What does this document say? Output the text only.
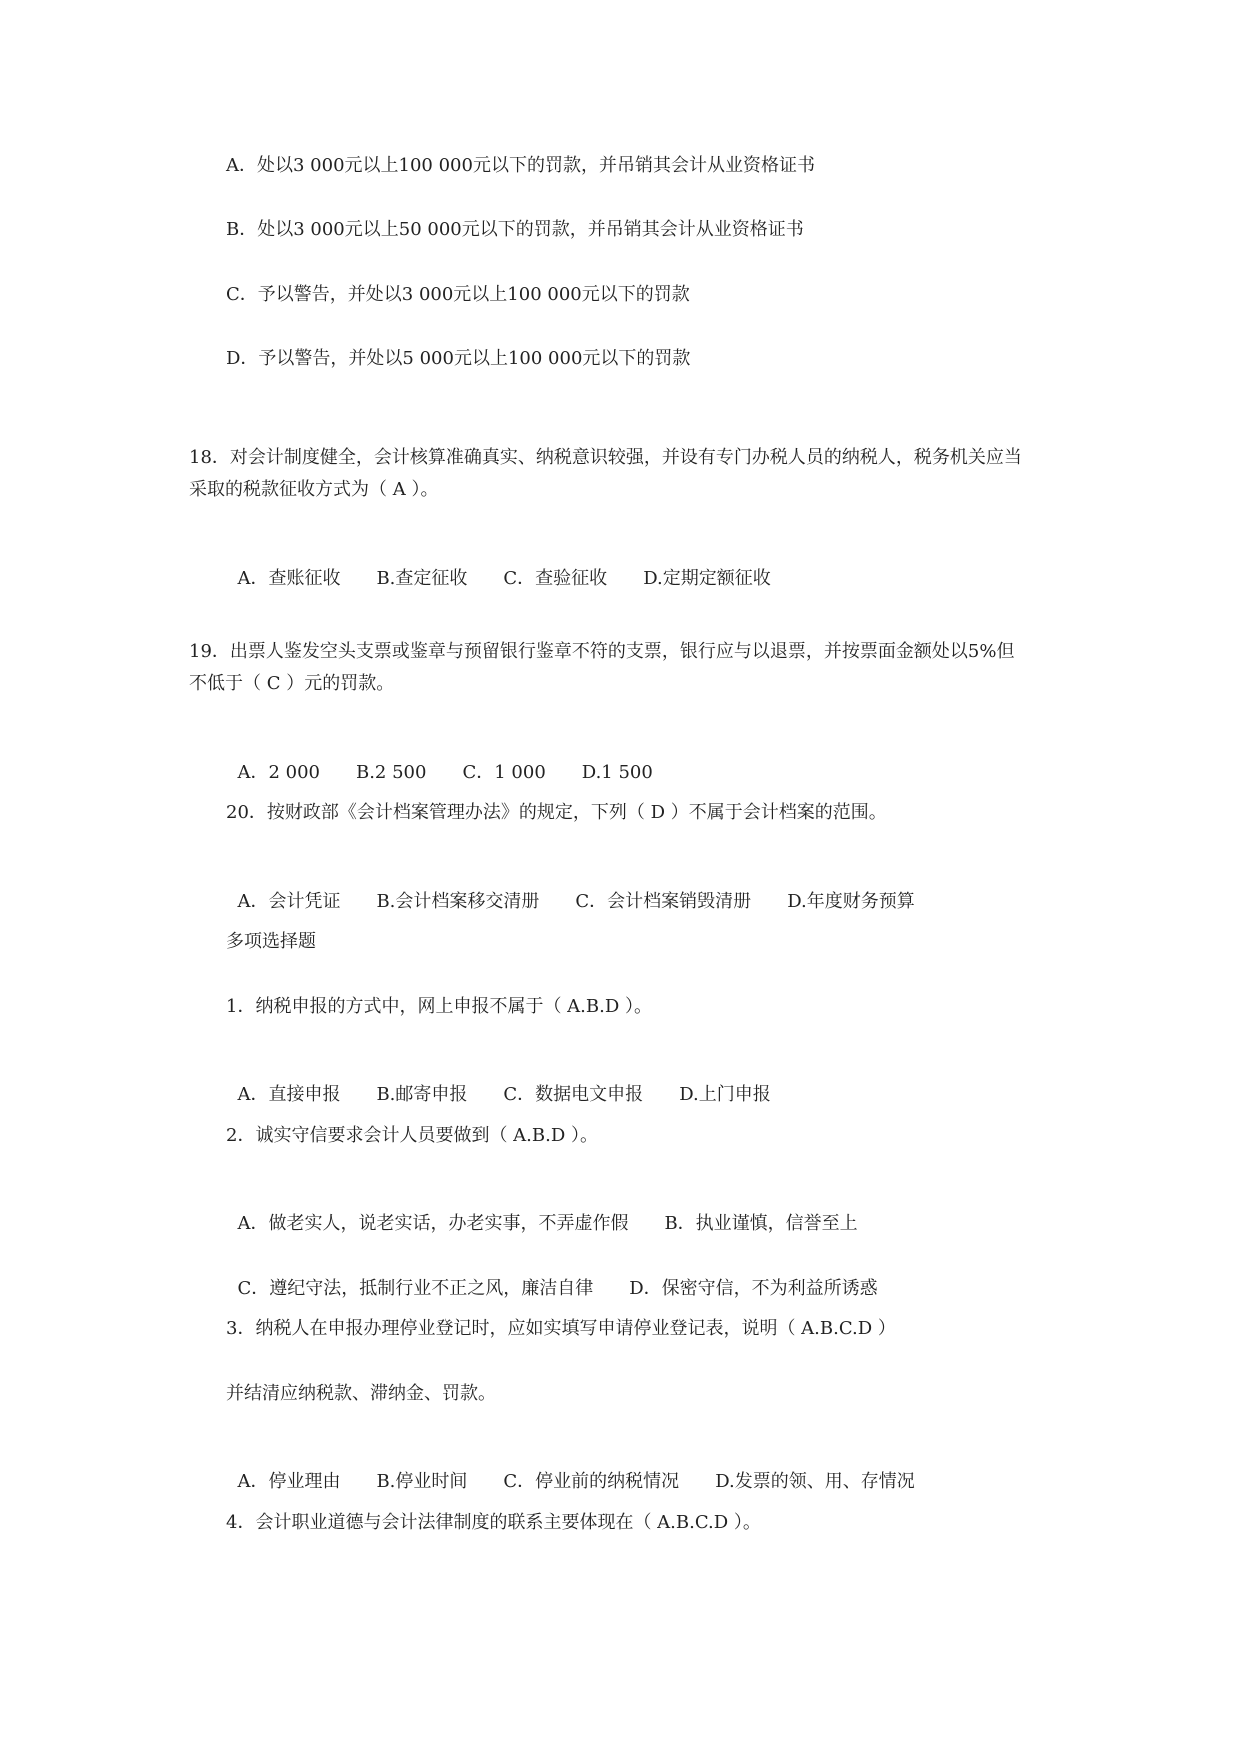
A．处以3 000元以上100 000元以下的罚款，并吊销其会计从业资格证书
B．处以3 000元以上50 000元以下的罚款，并吊销其会计从业资格证书
C．予以警告，并处以3 000元以上100 000元以下的罚款
D．予以警告，并处以5 000元以上100 000元以下的罚款
18．对会计制度健全，会计核算准确真实、纳税意识较强，并设有专门办税人员的纳税人，税务机关应当
采取的税款征收方式为（ A ）。

A．查账征收 B.查定征收 C．查验征收 D.定期定额征收

19．出票人鉴发空头支票或鉴章与预留银行鉴章不符的支票，银行应与以退票，并按票面金额处以5%但
不低于（ C ）元的罚款。

A．2 000 B.2 500 C．1 000 D.1 500

20．按财政部《会计档案管理办法》的规定，下列（ D ）不属于会计档案的范围。

A．会计凭证 B.会计档案移交清册 C．会计档案销毁清册 D.年度财务预算

多项选择题
1．纳税申报的方式中，网上申报不属于（ A.B.D ）。

A．直接申报 B.邮寄申报 C．数据电文申报 D.上门申报

2．诚实守信要求会计人员要做到（ A.B.D ）。

A．做老实人，说老实话，办老实事，不弄虚作假 B．执业谨慎，信誉至上

C．遵纪守法，抵制行业不正之风，廉洁自律 D．保密守信，不为利益所诱惑

3．纳税人在申报办理停业登记时，应如实填写申请停业登记表，说明（ A.B.C.D ）
并结清应纳税款、滞纳金、罚款。

A．停业理由 B.停业时间 C．停业前的纳税情况 D.发票的领、用、存情况

4．会计职业道德与会计法律制度的联系主要体现在（ A.B.C.D ）。
